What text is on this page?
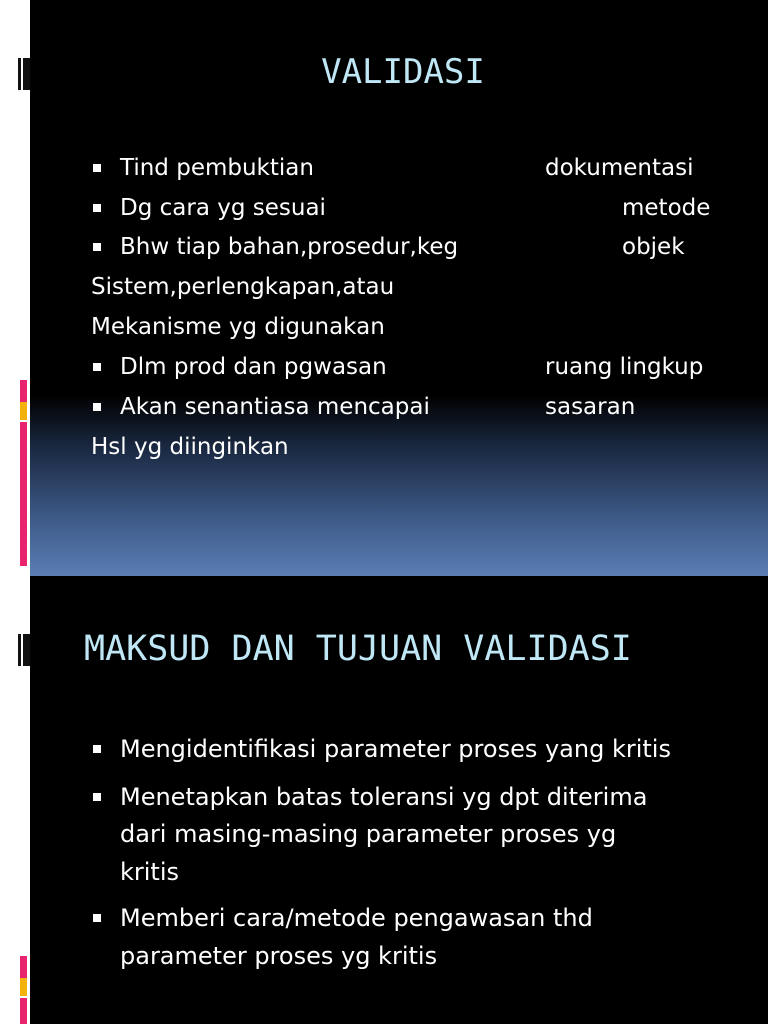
VALIDASI
Tind pembuktian	dokumentasi
Dg cara yg sesuai	metode
Bhw tiap bahan,prosedur,keg	objek
Sistem,perlengkapan,atau
Mekanisme yg digunakan
Dlm prod dan pgwasan	ruang lingkup
Akan senantiasa mencapai	sasaran
Hsl yg diinginkan
MAKSUD DAN TUJUAN VALIDASI
Mengidentifikasi parameter proses yang kritis
Menetapkan batas toleransi yg dpt diterima
dari masing-masing parameter proses yg
kritis
Memberi cara/metode pengawasan thd
parameter proses yg kritis
